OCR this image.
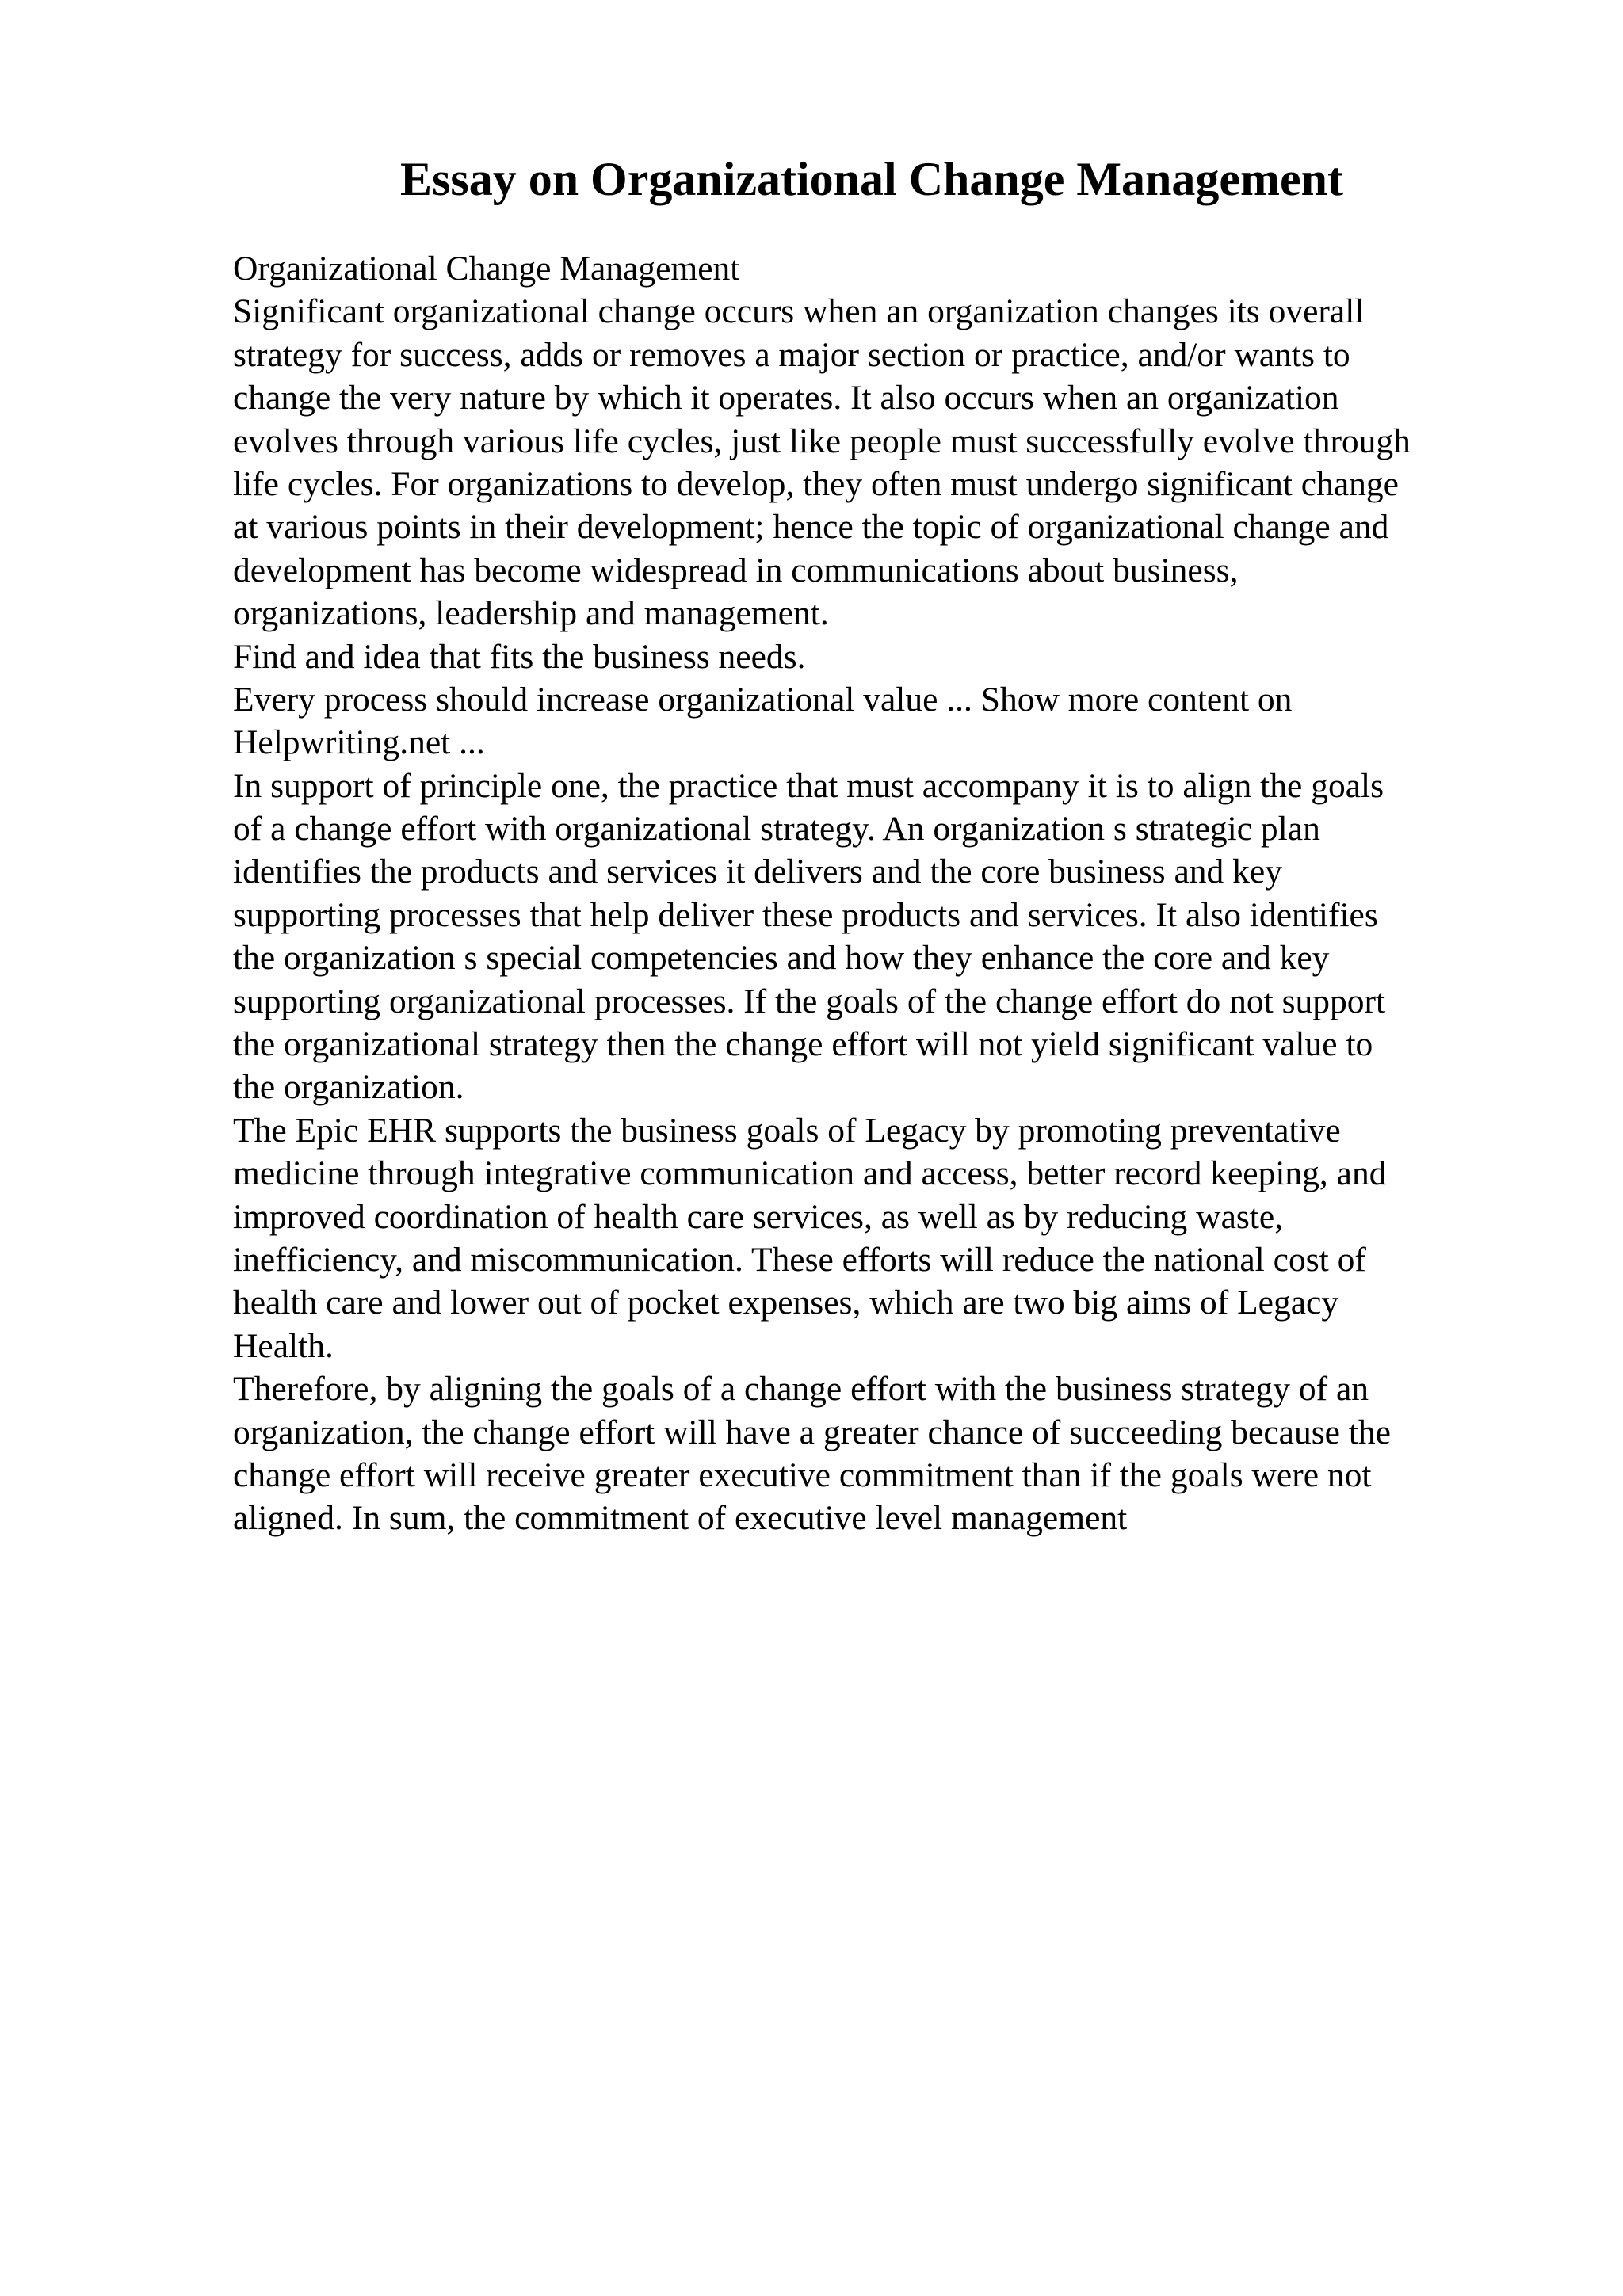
Essay on Organizational Change Management
Organizational Change Management
Significant organizational change occurs when an organization changes its overall
strategy for success, adds or removes a major section or practice, and/or wants to
change the very nature by which it operates. It also occurs when an organization
evolves through various life cycles, just like people must successfully evolve through
life cycles. For organizations to develop, they often must undergo significant change
at various points in their development; hence the topic of organizational change and
development has become widespread in communications about business,
organizations, leadership and management.
Find and idea that fits the business needs.
Every process should increase organizational value ... Show more content on
Helpwriting.net ...
In support of principle one, the practice that must accompany it is to align the goals
of a change effort with organizational strategy. An organization s strategic plan
identifies the products and services it delivers and the core business and key
supporting processes that help deliver these products and services. It also identifies
the organization s special competencies and how they enhance the core and key
supporting organizational processes. If the goals of the change effort do not support
the organizational strategy then the change effort will not yield significant value to
the organization.
The Epic EHR supports the business goals of Legacy by promoting preventative
medicine through integrative communication and access, better record keeping, and
improved coordination of health care services, as well as by reducing waste,
inefficiency, and miscommunication. These efforts will reduce the national cost of
health care and lower out of pocket expenses, which are two big aims of Legacy
Health.
Therefore, by aligning the goals of a change effort with the business strategy of an
organization, the change effort will have a greater chance of succeeding because the
change effort will receive greater executive commitment than if the goals were not
aligned. In sum, the commitment of executive level management
